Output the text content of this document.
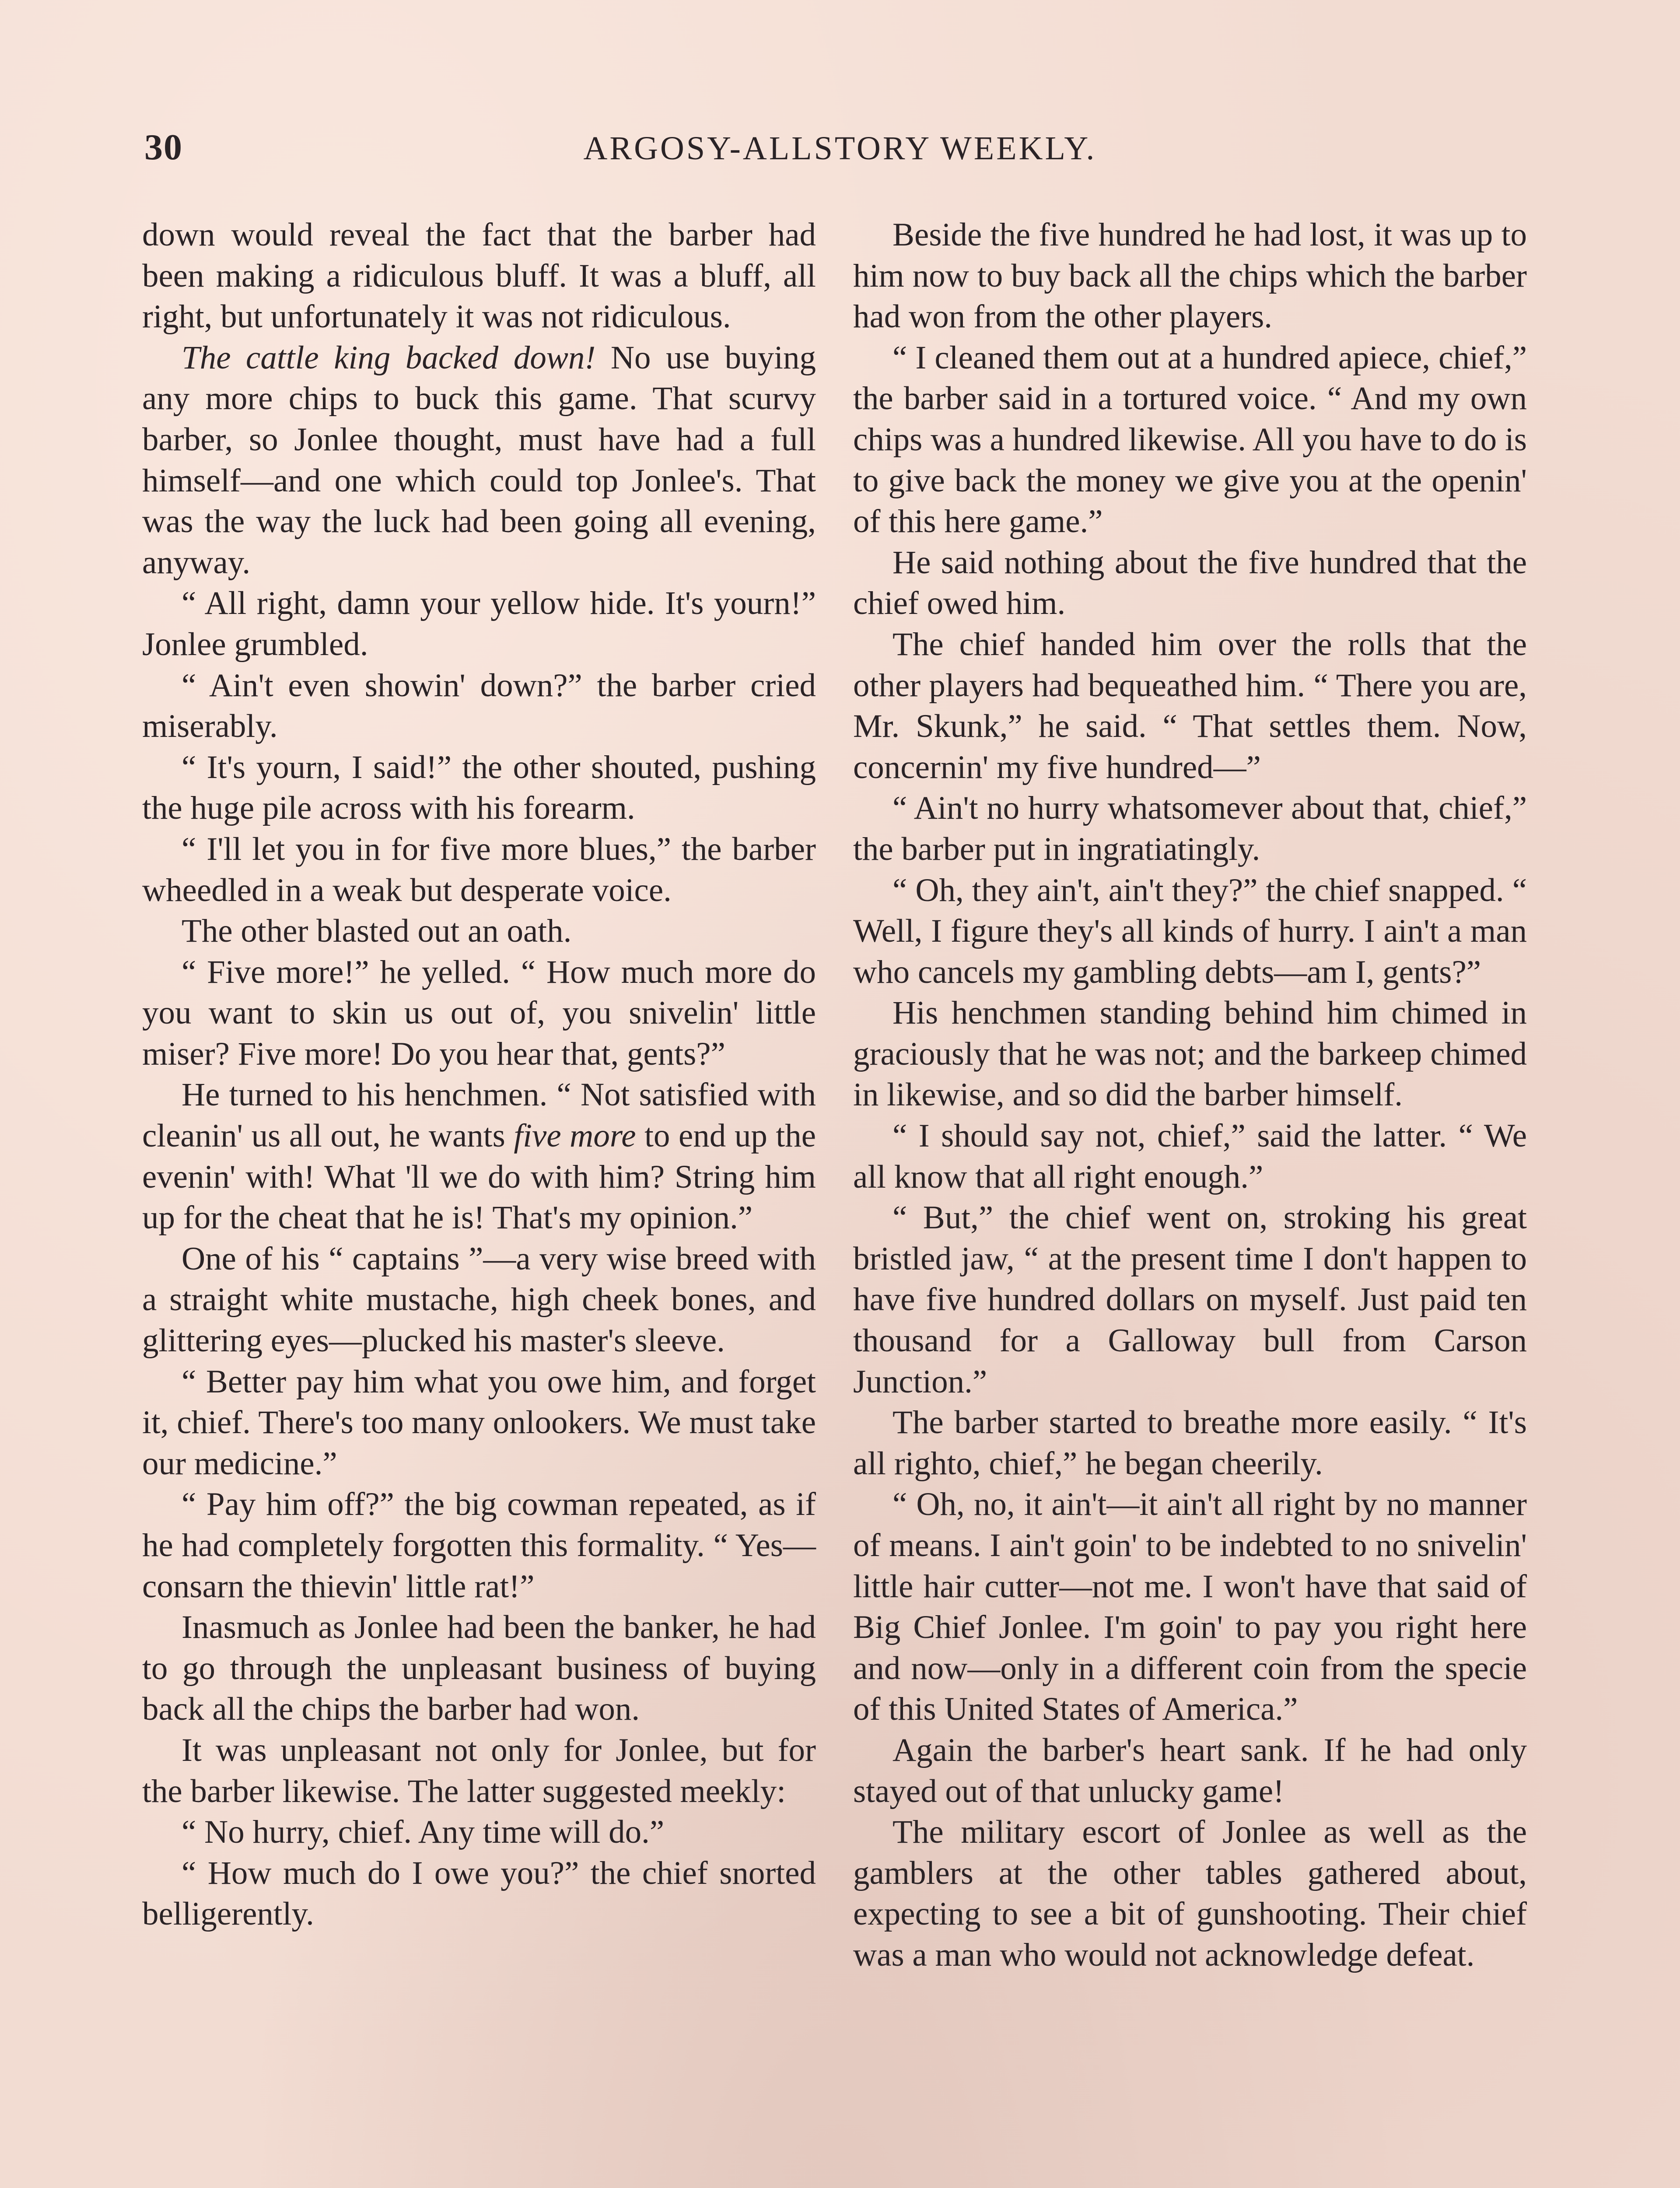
30	ARGOSY-ALLSTORY WEEKLY.

down would reveal the fact that the barber had been making a ridiculous bluff. It was a bluff, all right, but unfortunately it was not ridiculous.

The cattle king backed down! No use buying any more chips to buck this game. That scurvy barber, so Jonlee thought, must have had a full himself—and one which could top Jonlee's. That was the way the luck had been going all evening, anyway.

“ All right, damn your yellow hide. It's yourn!” Jonlee grumbled.

“ Ain't even showin' down?” the barber cried miserably.

“ It's yourn, I said!” the other shouted, pushing the huge pile across with his forearm.

“ I'll let you in for five more blues,” the barber wheedled in a weak but desperate voice.

The other blasted out an oath.

“ Five more!” he yelled. “ How much more do you want to skin us out of, you snivelin' little miser? Five more! Do you hear that, gents?”

He turned to his henchmen. “ Not satisfied with cleanin' us all out, he wants five more to end up the evenin' with! What 'll we do with him? String him up for the cheat that he is! That's my opinion.”

One of his “ captains ”—a very wise breed with a straight white mustache, high cheek bones, and glittering eyes—plucked his master's sleeve.

“ Better pay him what you owe him, and forget it, chief. There's too many onlookers. We must take our medicine.”

“ Pay him off?” the big cowman repeated, as if he had completely forgotten this formality. “ Yes—consarn the thievin' little rat!”

Inasmuch as Jonlee had been the banker, he had to go through the unpleasant business of buying back all the chips the barber had won.

It was unpleasant not only for Jonlee, but for the barber likewise. The latter suggested meekly:

“ No hurry, chief. Any time will do.”

“ How much do I owe you?” the chief snorted belligerently.

Beside the five hundred he had lost, it was up to him now to buy back all the chips which the barber had won from the other players.

“ I cleaned them out at a hundred apiece, chief,” the barber said in a tortured voice. “ And my own chips was a hundred likewise. All you have to do is to give back the money we give you at the openin' of this here game.”

He said nothing about the five hundred that the chief owed him.

The chief handed him over the rolls that the other players had bequeathed him. “ There you are, Mr. Skunk,” he said. “ That settles them. Now, concernin' my five hundred—”

“ Ain't no hurry whatsomever about that, chief,” the barber put in ingratiatingly.

“ Oh, they ain't, ain't they?” the chief snapped. “ Well, I figure they's all kinds of hurry. I ain't a man who cancels my gambling debts—am I, gents?”

His henchmen standing behind him chimed in graciously that he was not; and the barkeep chimed in likewise, and so did the barber himself.

“ I should say not, chief,” said the latter. “ We all know that all right enough.”

“ But,” the chief went on, stroking his great bristled jaw, “ at the present time I don't happen to have five hundred dollars on myself. Just paid ten thousand for a Galloway bull from Carson Junction.”

The barber started to breathe more easily. “ It's all righto, chief,” he began cheerily.

“ Oh, no, it ain't—it ain't all right by no manner of means. I ain't goin' to be indebted to no snivelin' little hair cutter—not me. I won't have that said of Big Chief Jonlee. I'm goin' to pay you right here and now—only in a different coin from the specie of this United States of America.”

Again the barber's heart sank. If he had only stayed out of that unlucky game!

The military escort of Jonlee as well as the gamblers at the other tables gathered about, expecting to see a bit of gunshooting. Their chief was a man who would not acknowledge defeat.
